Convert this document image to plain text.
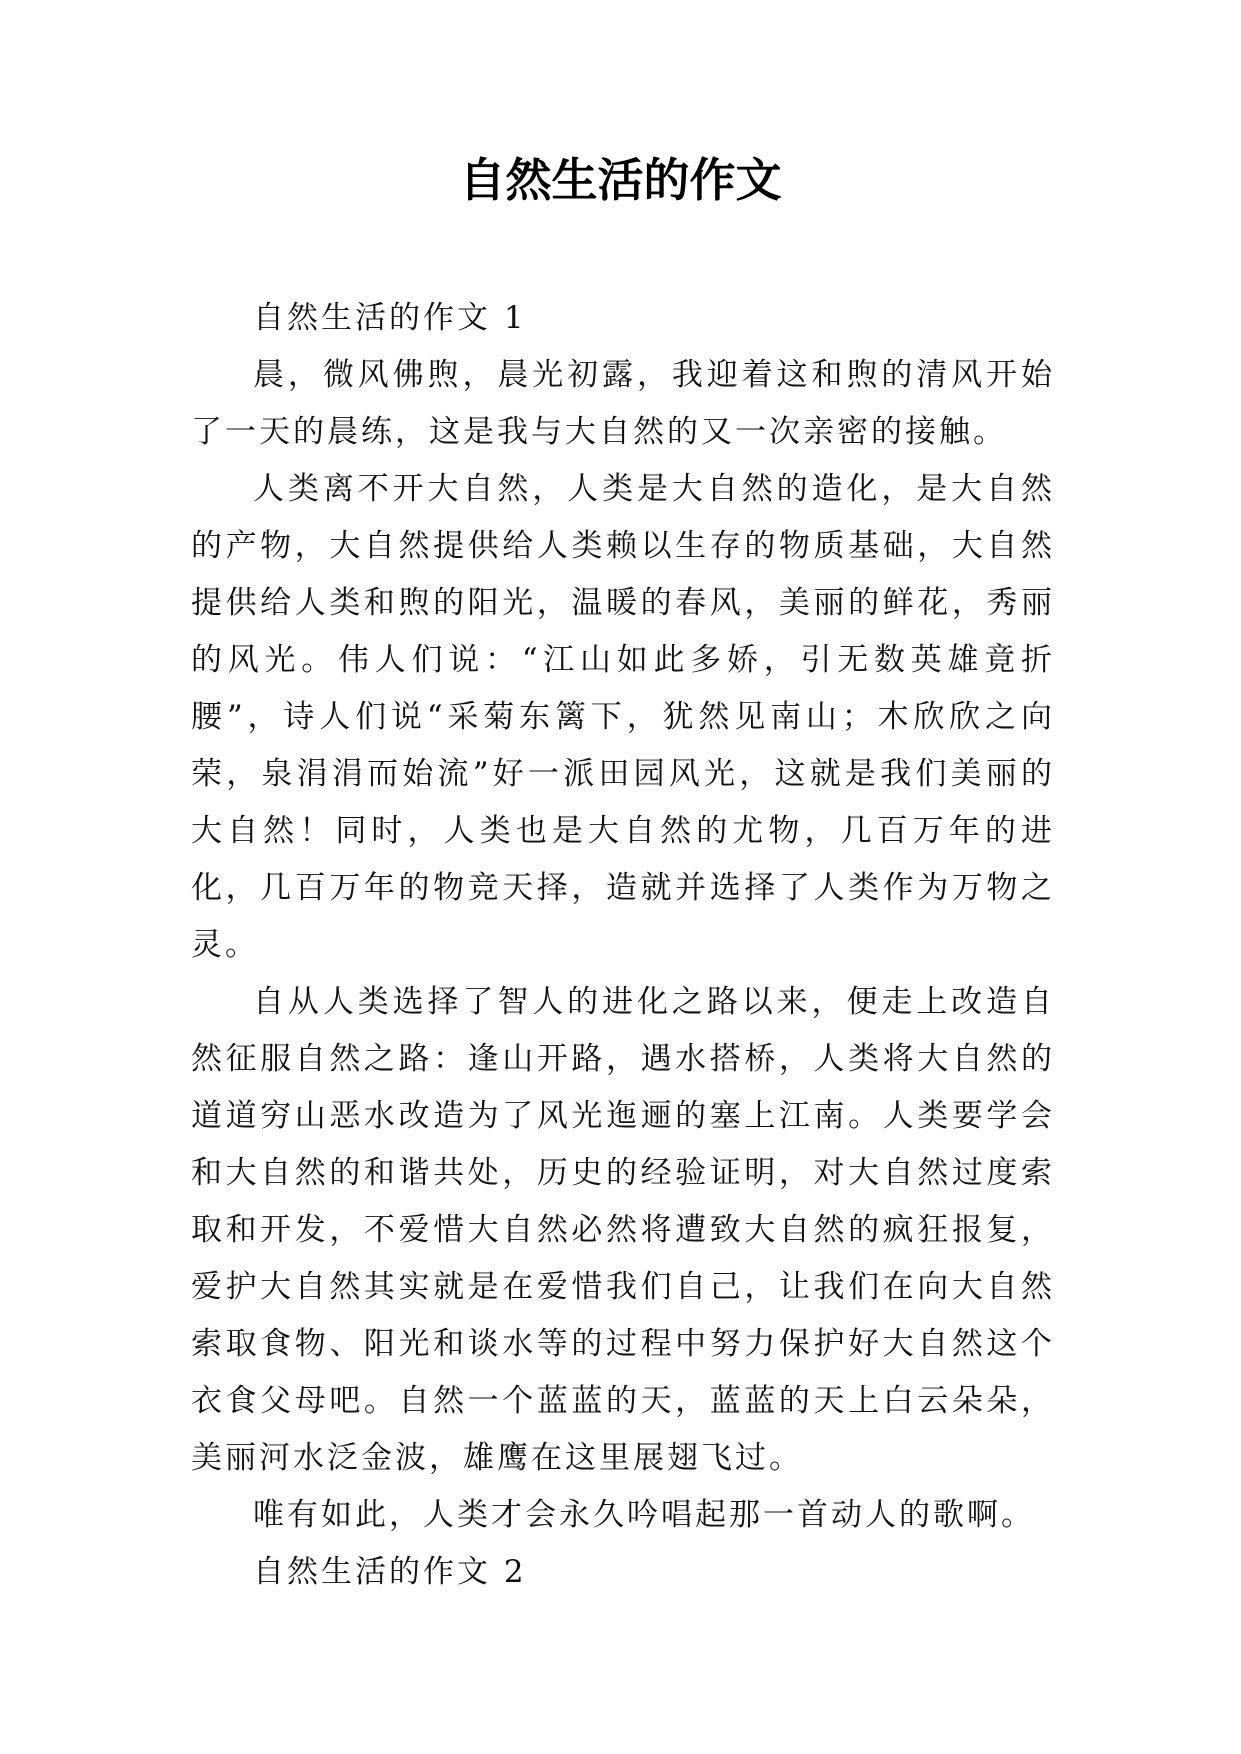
自然生活的作文

自然生活的作文 1

晨，微风佛煦，晨光初露，我迎着这和煦的清风开始了一天的晨练，这是我与大自然的又一次亲密的接触。

人类离不开大自然，人类是大自然的造化，是大自然的产物，大自然提供给人类赖以生存的物质基础，大自然提供给人类和煦的阳光，温暖的春风，美丽的鲜花，秀丽的风光。伟人们说：“江山如此多娇，引无数英雄竟折腰”，诗人们说“采菊东篱下，犹然见南山；木欣欣之向荣，泉涓涓而始流”好一派田园风光，这就是我们美丽的大自然！同时，人类也是大自然的尤物，几百万年的进化，几百万年的物竞天择，造就并选择了人类作为万物之灵。

自从人类选择了智人的进化之路以来，便走上改造自然征服自然之路：逢山开路，遇水搭桥，人类将大自然的道道穷山恶水改造为了风光迤逦的塞上江南。人类要学会和大自然的和谐共处，历史的经验证明，对大自然过度索取和开发，不爱惜大自然必然将遭致大自然的疯狂报复，爱护大自然其实就是在爱惜我们自己，让我们在向大自然索取食物、阳光和谈水等的过程中努力保护好大自然这个衣食父母吧。自然一个蓝蓝的天，蓝蓝的天上白云朵朵，美丽河水泛金波，雄鹰在这里展翅飞过。

唯有如此，人类才会永久吟唱起那一首动人的歌啊。

自然生活的作文 2
